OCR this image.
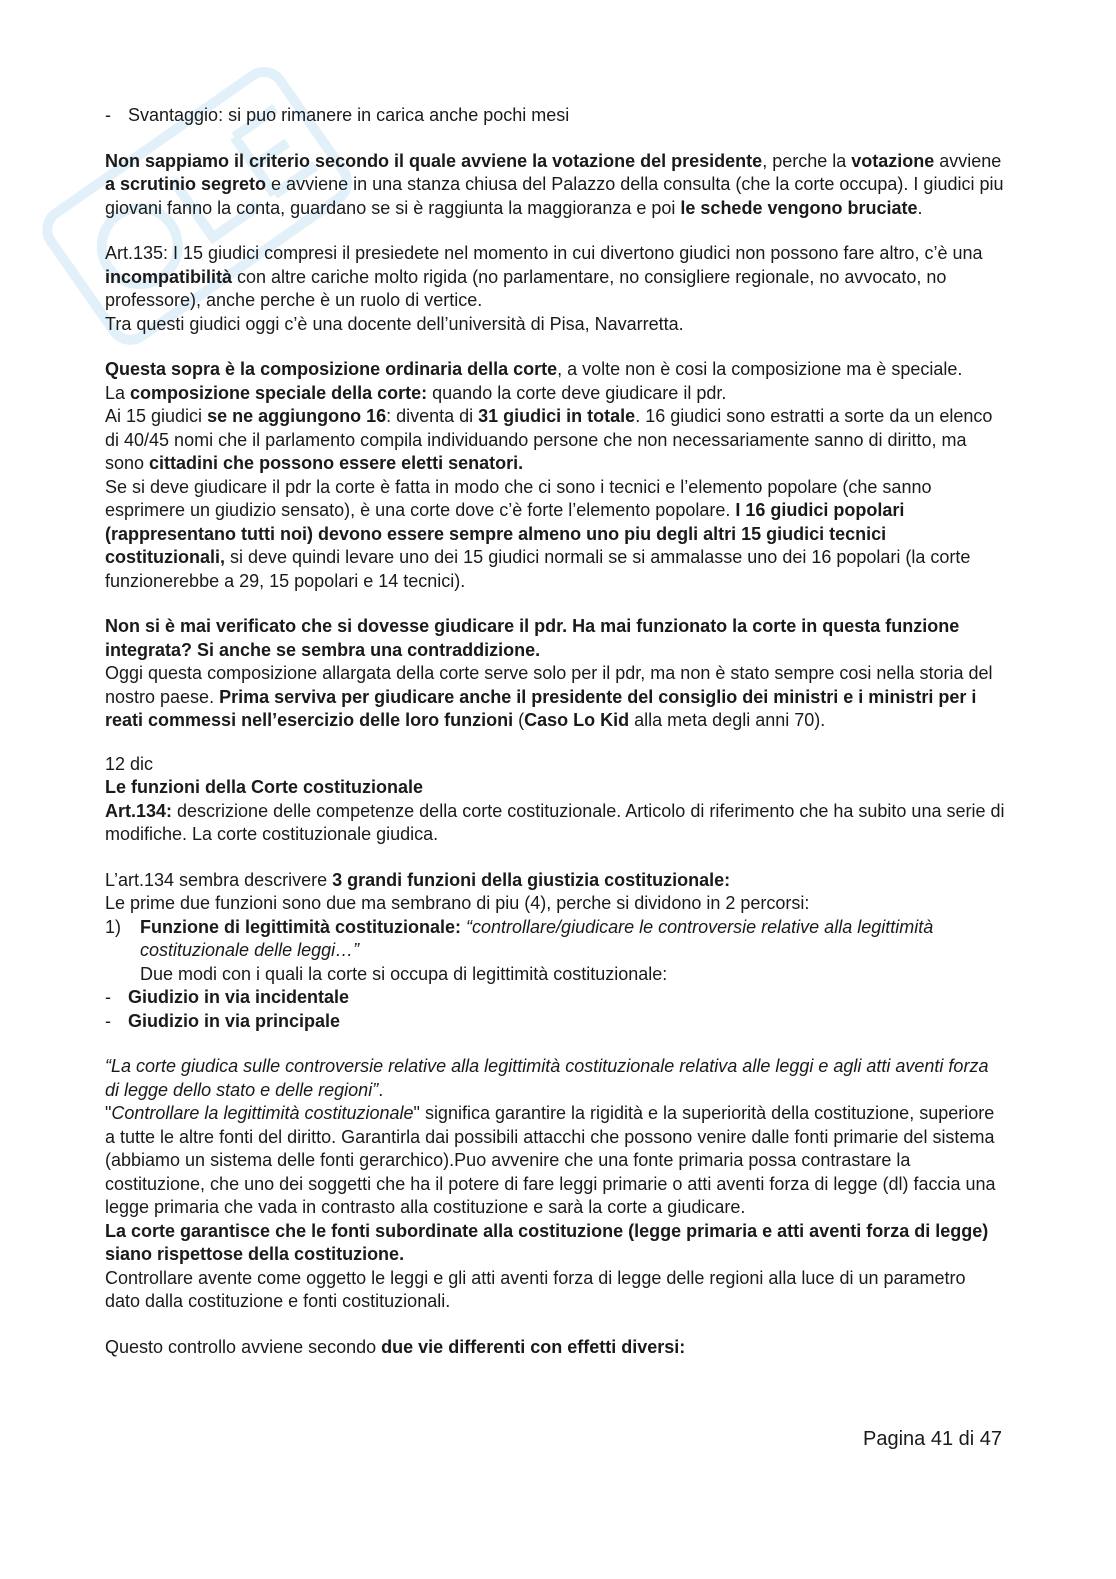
- Svantaggio: si puo rimanere in carica anche pochi mesi

Non sappiamo il criterio secondo il quale avviene la votazione del presidente, perche la votazione avviene a scrutinio segreto e avviene in una stanza chiusa del Palazzo della consulta (che la corte occupa). I giudici piu giovani fanno la conta, guardano se si è raggiunta la maggioranza e poi le schede vengono bruciate.

Art.135: I 15 giudici compresi il presiedete nel momento in cui divertono giudici non possono fare altro, c’è una incompatibilità con altre cariche molto rigida (no parlamentare, no consigliere regionale, no avvocato, no professore), anche perche è un ruolo di vertice.

Tra questi giudici oggi c’è una docente dell’università di Pisa, Navarretta.

Questa sopra è la composizione ordinaria della corte, a volte non è cosi la composizione ma è speciale.

La composizione speciale della corte: quando la corte deve giudicare il pdr.

Ai 15 giudici se ne aggiungono 16: diventa di 31 giudici in totale. 16 giudici sono estratti a sorte da un elenco di 40/45 nomi che il parlamento compila individuando persone che non necessariamente sanno di diritto, ma sono cittadini che possono essere eletti senatori.

Se si deve giudicare il pdr la corte è fatta in modo che ci sono i tecnici e l’elemento popolare (che sanno esprimere un giudizio sensato), è una corte dove c’è forte l’elemento popolare. I 16 giudici popolari (rappresentano tutti noi) devono essere sempre almeno uno piu degli altri 15 giudici tecnici costituzionali, si deve quindi levare uno dei 15 giudici normali se si ammalasse uno dei 16 popolari (la corte funzionerebbe a 29, 15 popolari e 14 tecnici).

Non si è mai verificato che si dovesse giudicare il pdr. Ha mai funzionato la corte in questa funzione integrata? Si anche se sembra una contraddizione.

Oggi questa composizione allargata della corte serve solo per il pdr, ma non è stato sempre cosi nella storia del nostro paese. Prima serviva per giudicare anche il presidente del consiglio dei ministri e i ministri per i reati commessi nell’esercizio delle loro funzioni (Caso Lo Kid alla meta degli anni 70).

12 dic

Le funzioni della Corte costituzionale

Art.134: descrizione delle competenze della corte costituzionale. Articolo di riferimento che ha subito una serie di modifiche. La corte costituzionale giudica.

L’art.134 sembra descrivere 3 grandi funzioni della giustizia costituzionale:

Le prime due funzioni sono due ma sembrano di piu (4), perche si dividono in 2 percorsi:

1)	Funzione di legittimità costituzionale: “controllare/giudicare le controversie relative alla legittimità costituzionale delle leggi…”

Due modi con i quali la corte si occupa di legittimità costituzionale:

- Giudizio in via incidentale
- Giudizio in via principale

“La corte giudica sulle controversie relative alla legittimità costituzionale relativa alle leggi e agli atti aventi forza di legge dello stato e delle regioni”.

"Controllare la legittimità costituzionale" significa garantire la rigidità e la superiorità della costituzione, superiore a tutte le altre fonti del diritto. Garantirla dai possibili attacchi che possono venire dalle fonti primarie del sistema (abbiamo un sistema delle fonti gerarchico).Puo avvenire che una fonte primaria possa contrastare la costituzione, che uno dei soggetti che ha il potere di fare leggi primarie o atti aventi forza di legge (dl) faccia una legge primaria che vada in contrasto alla costituzione e sarà la corte a giudicare.

La corte garantisce che le fonti subordinate alla costituzione (legge primaria e atti aventi forza di legge) siano rispettose della costituzione.

Controllare avente come oggetto le leggi e gli atti aventi forza di legge delle regioni alla luce di un parametro dato dalla costituzione e fonti costituzionali.

Questo controllo avviene secondo due vie differenti con effetti diversi:

Pagina 41 di 47
